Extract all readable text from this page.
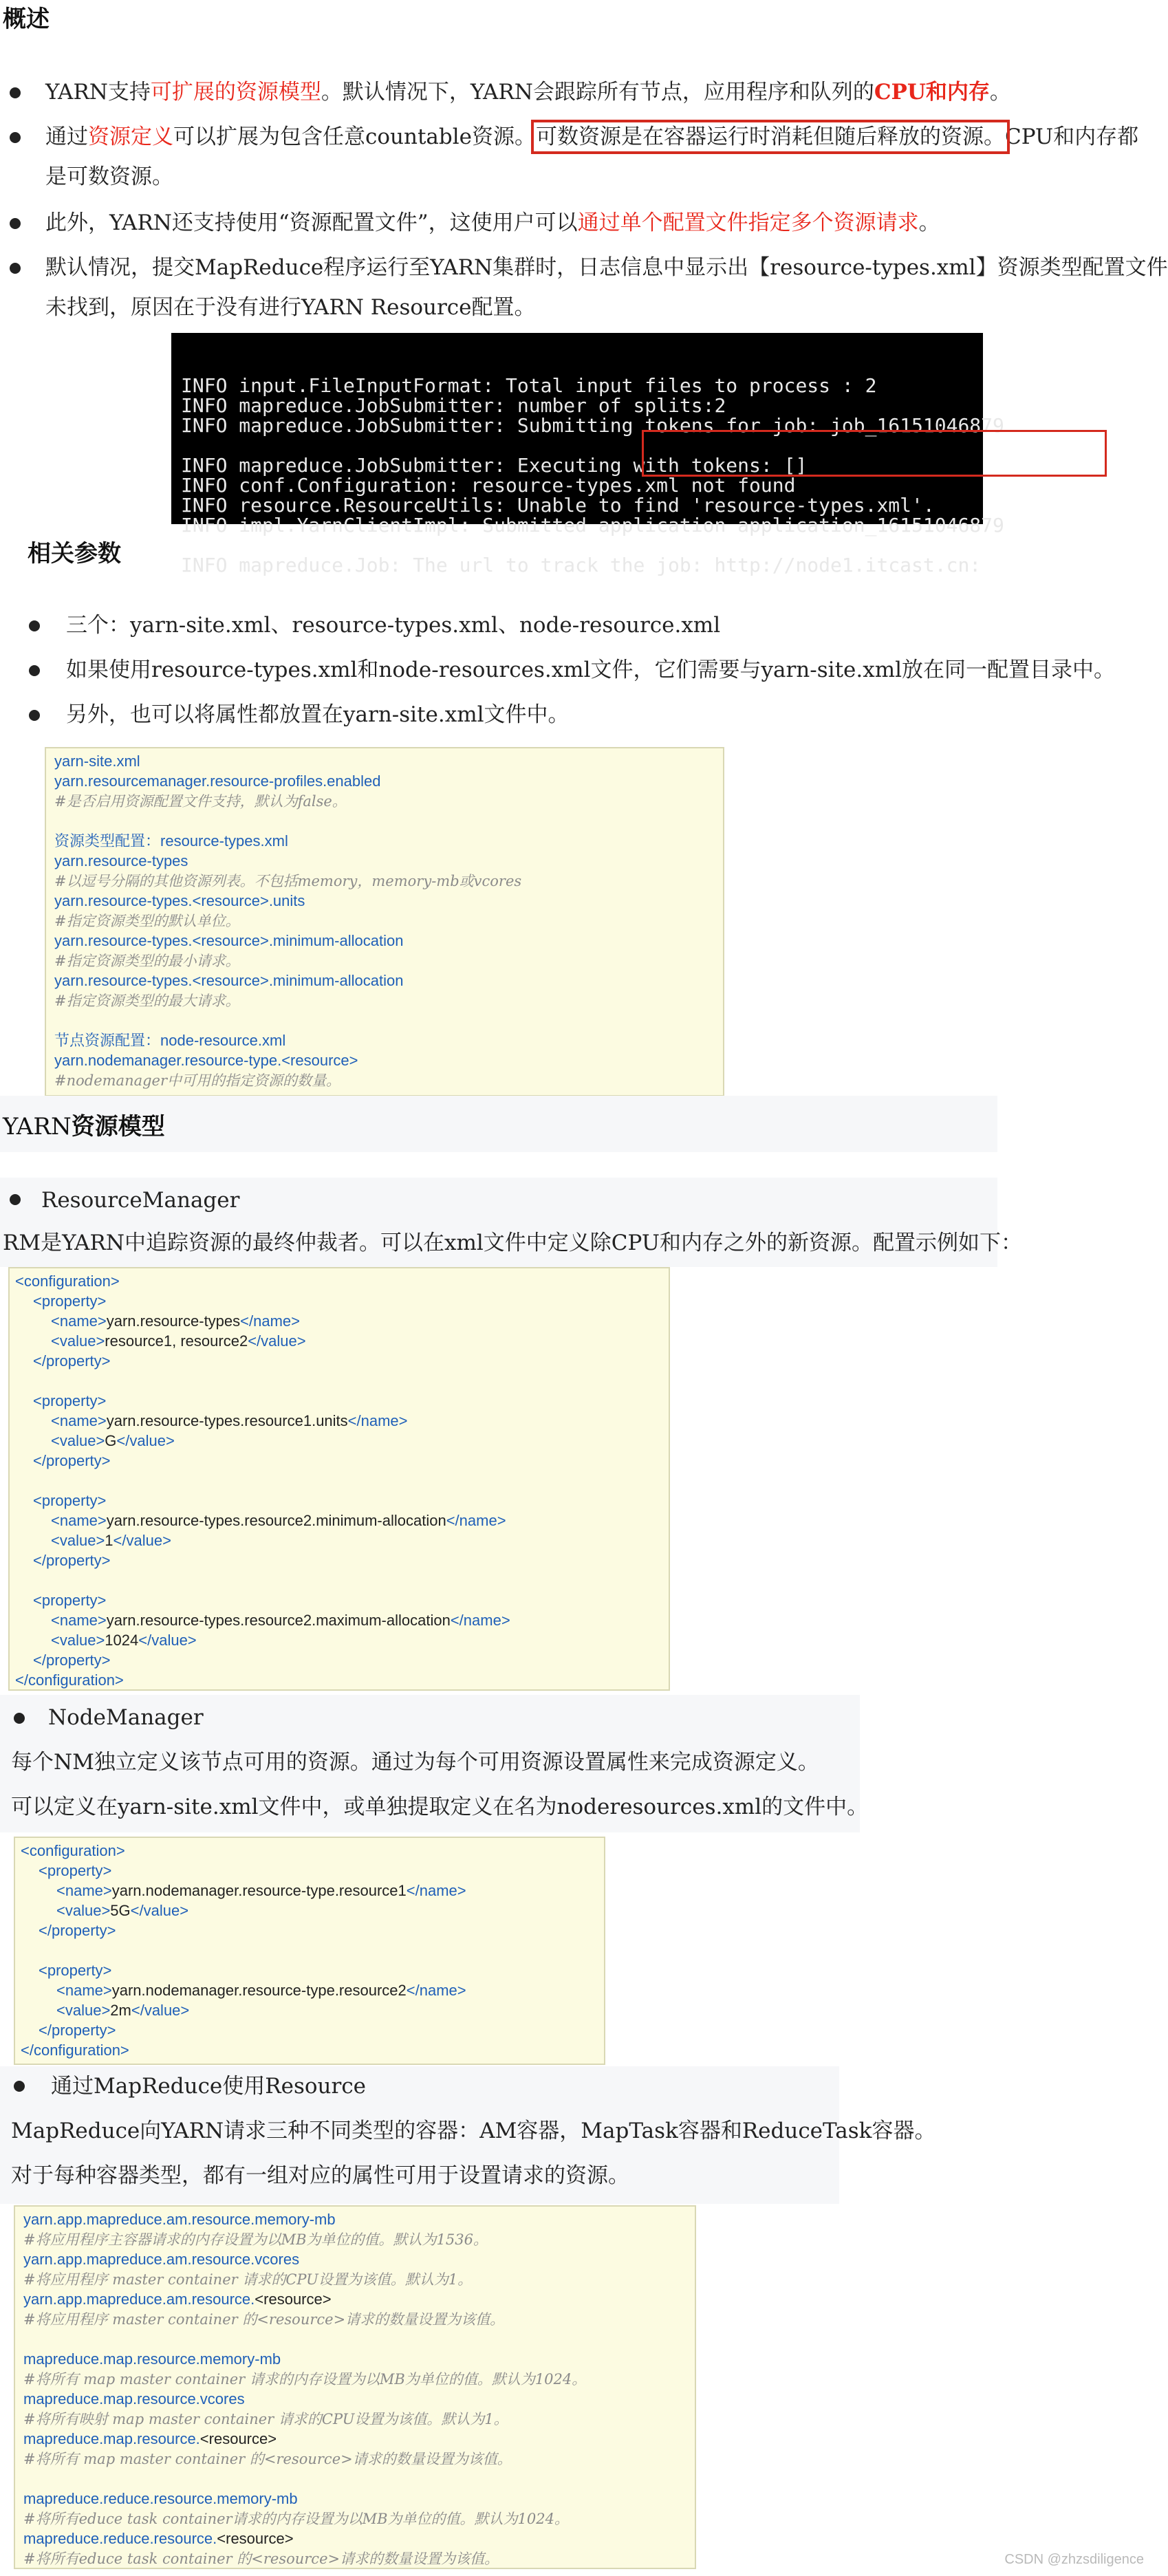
概述
YARN支持可扩展的资源模型。默认情况下，YARN会跟踪所有节点，应用程序和队列的CPU和内存。
通过资源定义可以扩展为包含任意countable资源。可数资源是在容器运行时消耗但随后释放的资源。CPU和内存都
是可数资源。
此外，YARN还支持使用“资源配置文件”，这使用户可以通过单个配置文件指定多个资源请求。
默认情况，提交MapReduce程序运行至YARN集群时，日志信息中显示出【resource-types.xml】资源类型配置文件
未找到，原因在于没有进行YARN Resource配置。

INFO input.FileInputFormat: Total input files to process : 2
INFO mapreduce.JobSubmitter: number of splits:2
INFO mapreduce.JobSubmitter: Submitting tokens for job: job_16151046879
INFO mapreduce.JobSubmitter: Executing with tokens: []
INFO conf.Configuration: resource-types.xml not found
INFO resource.ResourceUtils: Unable to find 'resource-types.xml'.
INFO impl.YarnClientImpl: Submitted application application_16151046879
INFO mapreduce.Job: The url to track the job: http://node1.itcast.cn:

相关参数
三个：yarn-site.xml、resource-types.xml、node-resource.xml
如果使用resource-types.xml和node-resources.xml文件，它们需要与yarn-site.xml放在同一配置目录中。
另外，也可以将属性都放置在yarn-site.xml文件中。
yarn-site.xml
yarn.resourcemanager.resource-profiles.enabled
#是否启用资源配置文件支持，默认为false。
资源类型配置：resource-types.xml
yarn.resource-types
#以逗号分隔的其他资源列表。不包括memory，memory-mb或vcores
yarn.resource-types.<resource>.units
#指定资源类型的默认单位。
yarn.resource-types.<resource>.minimum-allocation
#指定资源类型的最小请求。
yarn.resource-types.<resource>.minimum-allocation
#指定资源类型的最大请求。
节点资源配置：node-resource.xml
yarn.nodemanager.resource-type.<resource>
#nodemanager中可用的指定资源的数量。
YARN资源模型
ResourceManager
RM是YARN中追踪资源的最终仲裁者。可以在xml文件中定义除CPU和内存之外的新资源。配置示例如下：
<configuration>
<property>
<name>yarn.resource-types</name>
<value>resource1, resource2</value>
</property>
<property>
<name>yarn.resource-types.resource1.units</name>
<value>G</value>
</property>
<property>
<name>yarn.resource-types.resource2.minimum-allocation</name>
<value>1</value>
</property>
<property>
<name>yarn.resource-types.resource2.maximum-allocation</name>
<value>1024</value>
</property>
</configuration>
NodeManager
每个NM独立定义该节点可用的资源。通过为每个可用资源设置属性来完成资源定义。
可以定义在yarn-site.xml文件中，或单独提取定义在名为noderesources.xml的文件中。
<configuration>
<property>
<name>yarn.nodemanager.resource-type.resource1</name>
<value>5G</value>
</property>
<property>
<name>yarn.nodemanager.resource-type.resource2</name>
<value>2m</value>
</property>
</configuration>
通过MapReduce使用Resource
MapReduce向YARN请求三种不同类型的容器：AM容器，MapTask容器和ReduceTask容器。
对于每种容器类型，都有一组对应的属性可用于设置请求的资源。
yarn.app.mapreduce.am.resource.memory-mb
#将应用程序主容器请求的内存设置为以MB为单位的值。默认为1536。
yarn.app.mapreduce.am.resource.vcores
#将应用程序 master container 请求的CPU设置为该值。默认为1。
yarn.app.mapreduce.am.resource.<resource>
#将应用程序 master container 的<resource>请求的数量设置为该值。
mapreduce.map.resource.memory-mb
#将所有 map master container 请求的内存设置为以MB为单位的值。默认为1024。
mapreduce.map.resource.vcores
#将所有映射 map master container 请求的CPU设置为该值。默认为1。
mapreduce.map.resource.<resource>
#将所有 map master container 的<resource>请求的数量设置为该值。
mapreduce.reduce.resource.memory-mb
#将所有educe task container请求的内存设置为以MB为单位的值。默认为1024。
mapreduce.reduce.resource.<resource>
#将所有educe task container 的<resource>请求的数量设置为该值。	CSDN @zhzsdiligence
